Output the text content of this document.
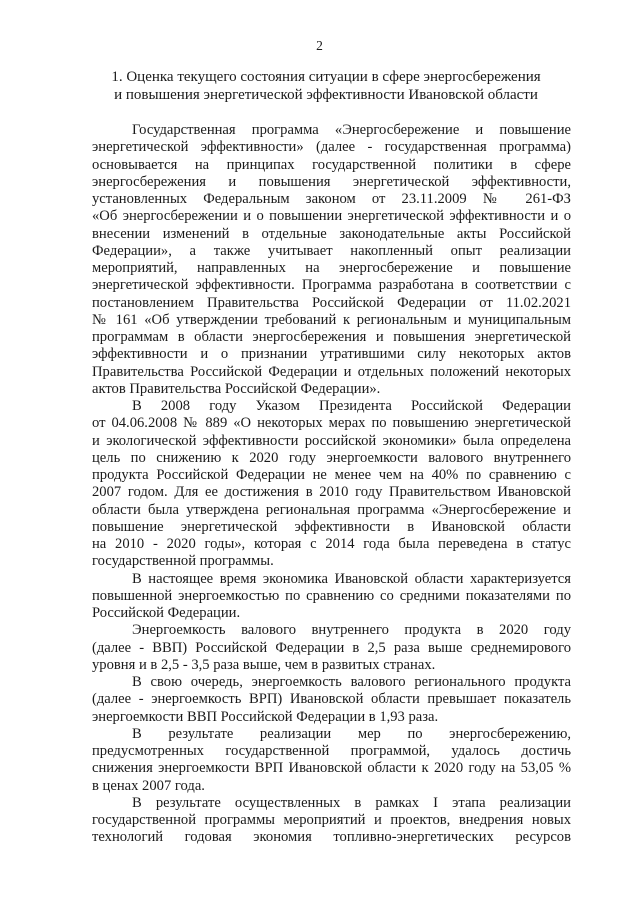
2
1. Оценка текущего состояния ситуации в сфере энергосбережения
и повышения энергетической эффективности Ивановской области
Государственная программа «Энергосбережение и повышение
энергетической эффективности» (далее - государственная программа)
основывается на принципах государственной политики в сфере
энергосбережения и повышения энергетической эффективности,
установленных Федеральным законом от 23.11.2009 № 261-ФЗ
«Об энергосбережении и о повышении энергетической эффективности и о
внесении изменений в отдельные законодательные акты Российской
Федерации», а также учитывает накопленный опыт реализации
мероприятий, направленных на энергосбережение и повышение
энергетической эффективности. Программа разработана в соответствии с
постановлением Правительства Российской Федерации от 11.02.2021
№ 161 «Об утверждении требований к региональным и муниципальным
программам в области энергосбережения и повышения энергетической
эффективности и о признании утратившими силу некоторых актов
Правительства Российской Федерации и отдельных положений некоторых
актов Правительства Российской Федерации».
В 2008 году Указом Президента Российской Федерации
от 04.06.2008 № 889 «О некоторых мерах по повышению энергетической
и экологической эффективности российской экономики» была определена
цель по снижению к 2020 году энергоемкости валового внутреннего
продукта Российской Федерации не менее чем на 40% по сравнению с
2007 годом. Для ее достижения в 2010 году Правительством Ивановской
области была утверждена региональная программа «Энергосбережение и
повышение энергетической эффективности в Ивановской области
на 2010 - 2020 годы», которая с 2014 года была переведена в статус
государственной программы.
В настоящее время экономика Ивановской области характеризуется
повышенной энергоемкостью по сравнению со средними показателями по
Российской Федерации.
Энергоемкость валового внутреннего продукта в 2020 году
(далее - ВВП) Российской Федерации в 2,5 раза выше среднемирового
уровня и в 2,5 - 3,5 раза выше, чем в развитых странах.
В свою очередь, энергоемкость валового регионального продукта
(далее - энергоемкость ВРП) Ивановской области превышает показатель
энергоемкости ВВП Российской Федерации в 1,93 раза.
В результате реализации мер по энергосбережению,
предусмотренных государственной программой, удалось достичь
снижения энергоемкости ВРП Ивановской области к 2020 году на 53,05 %
в ценах 2007 года.
В результате осуществленных в рамках I этапа реализации
государственной программы мероприятий и проектов, внедрения новых
технологий годовая экономия топливно-энергетических ресурсов
